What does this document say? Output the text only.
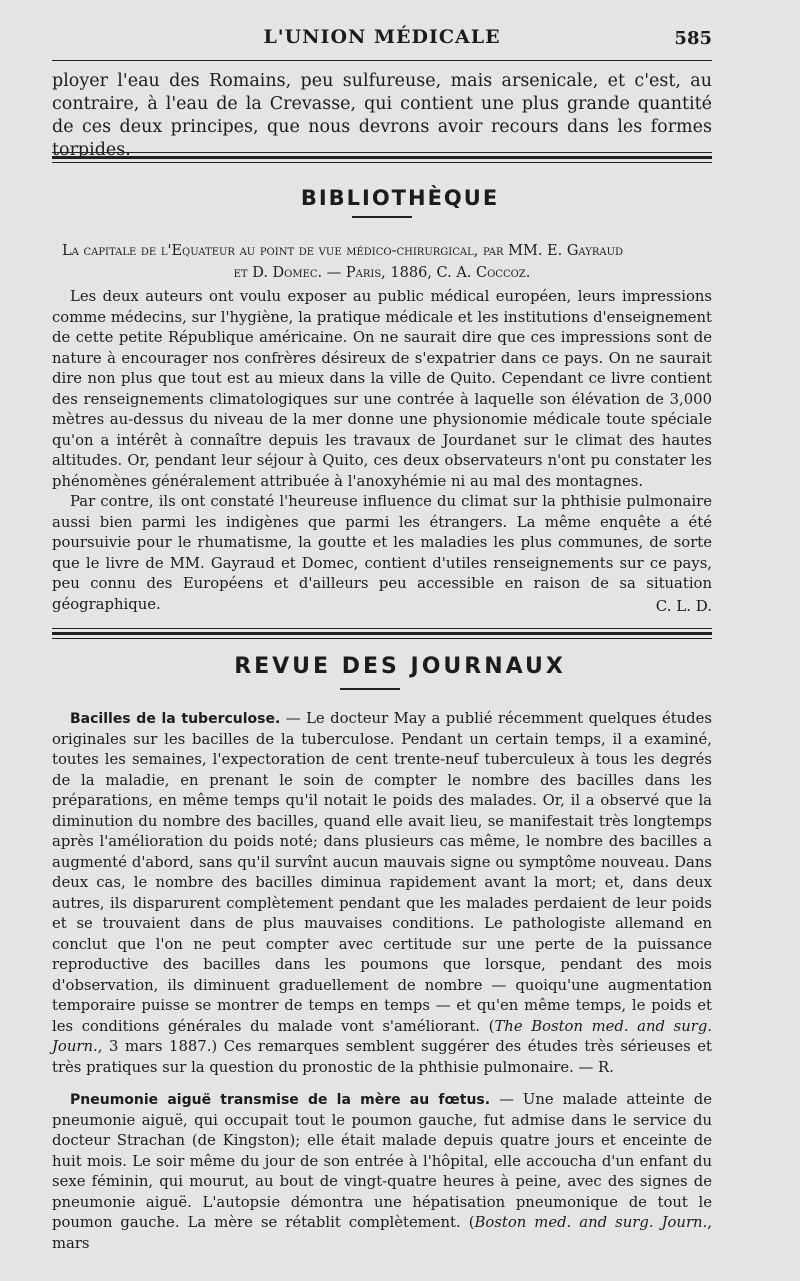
L'UNION MÉDICALE	585

ployer l'eau des Romains, peu sulfureuse, mais arsenicale, et c'est, au contraire, à l'eau de la Crevasse, qui contient une plus grande quantité de ces deux principes, que nous devrons avoir recours dans les formes torpides.

BIBLIOTHÈQUE
La capitale de l'Equateur au point de vue médico-chirurgical, par MM. E. Gayraud
et D. Domec. — Paris, 1886, C. A. Coccoz.

Les deux auteurs ont voulu exposer au public médical européen, leurs impressions comme médecins, sur l'hygiène, la pratique médicale et les institutions d'enseignement de cette petite République américaine. On ne saurait dire que ces impressions sont de nature à encourager nos confrères désireux de s'expatrier dans ce pays. On ne saurait dire non plus que tout est au mieux dans la ville de Quito. Cependant ce livre contient des renseignements climatologiques sur une contrée à laquelle son élévation de 3,000 mètres au-dessus du niveau de la mer donne une physionomie médicale toute spéciale qu'on a intérêt à connaître depuis les travaux de Jourdanet sur le climat des hautes altitudes. Or, pendant leur séjour à Quito, ces deux observateurs n'ont pu constater les phénomènes généralement attribuée à l'anoxyhémie ni au mal des montagnes.

Par contre, ils ont constaté l'heureuse influence du climat sur la phthisie pulmonaire aussi bien parmi les indigènes que parmi les étrangers. La même enquête a été poursuivie pour le rhumatisme, la goutte et les maladies les plus communes, de sorte que le livre de MM. Gayraud et Domec, contient d'utiles renseignements sur ce pays, peu connu des Européens et d'ailleurs peu accessible en raison de sa situation géographique.	C. L. D.
REVUE DES JOURNAUX

Bacilles de la tuberculose. — Le docteur May a publié récemment quelques études originales sur les bacilles de la tuberculose. Pendant un certain temps, il a examiné, toutes les semaines, l'expectoration de cent trente-neuf tuberculeux à tous les degrés de la maladie, en prenant le soin de compter le nombre des bacilles dans les préparations, en même temps qu'il notait le poids des malades. Or, il a observé que la diminution du nombre des bacilles, quand elle avait lieu, se manifestait très longtemps après l'amélioration du poids noté; dans plusieurs cas même, le nombre des bacilles a augmenté d'abord, sans qu'il survînt aucun mauvais signe ou symptôme nouveau. Dans deux cas, le nombre des bacilles diminua rapidement avant la mort; et, dans deux autres, ils disparurent complètement pendant que les malades perdaient de leur poids et se trouvaient dans de plus mauvaises conditions. Le pathologiste allemand en conclut que l'on ne peut compter avec certitude sur une perte de la puissance reproductive des bacilles dans les poumons que lorsque, pendant des mois d'observation, ils diminuent graduellement de nombre — quoiqu'une augmentation temporaire puisse se montrer de temps en temps — et qu'en même temps, le poids et les conditions générales du malade vont s'améliorant. (The Boston med. and surg. Journ., 3 mars 1887.) Ces remarques semblent suggérer des études très sérieuses et très pratiques sur la question du pronostic de la phthisie pulmonaire. — R.

Pneumonie aiguë transmise de la mère au fœtus. — Une malade atteinte de pneumonie aiguë, qui occupait tout le poumon gauche, fut admise dans le service du docteur Strachan (de Kingston); elle était malade depuis quatre jours et enceinte de huit mois. Le soir même du jour de son entrée à l'hôpital, elle accoucha d'un enfant du sexe féminin, qui mourut, au bout de vingt-quatre heures à peine, avec des signes de pneumonie aiguë. L'autopsie démontra une hépatisation pneumonique de tout le poumon gauche. La mère se rétablit complètement. (Boston med. and surg. Journ., mars
